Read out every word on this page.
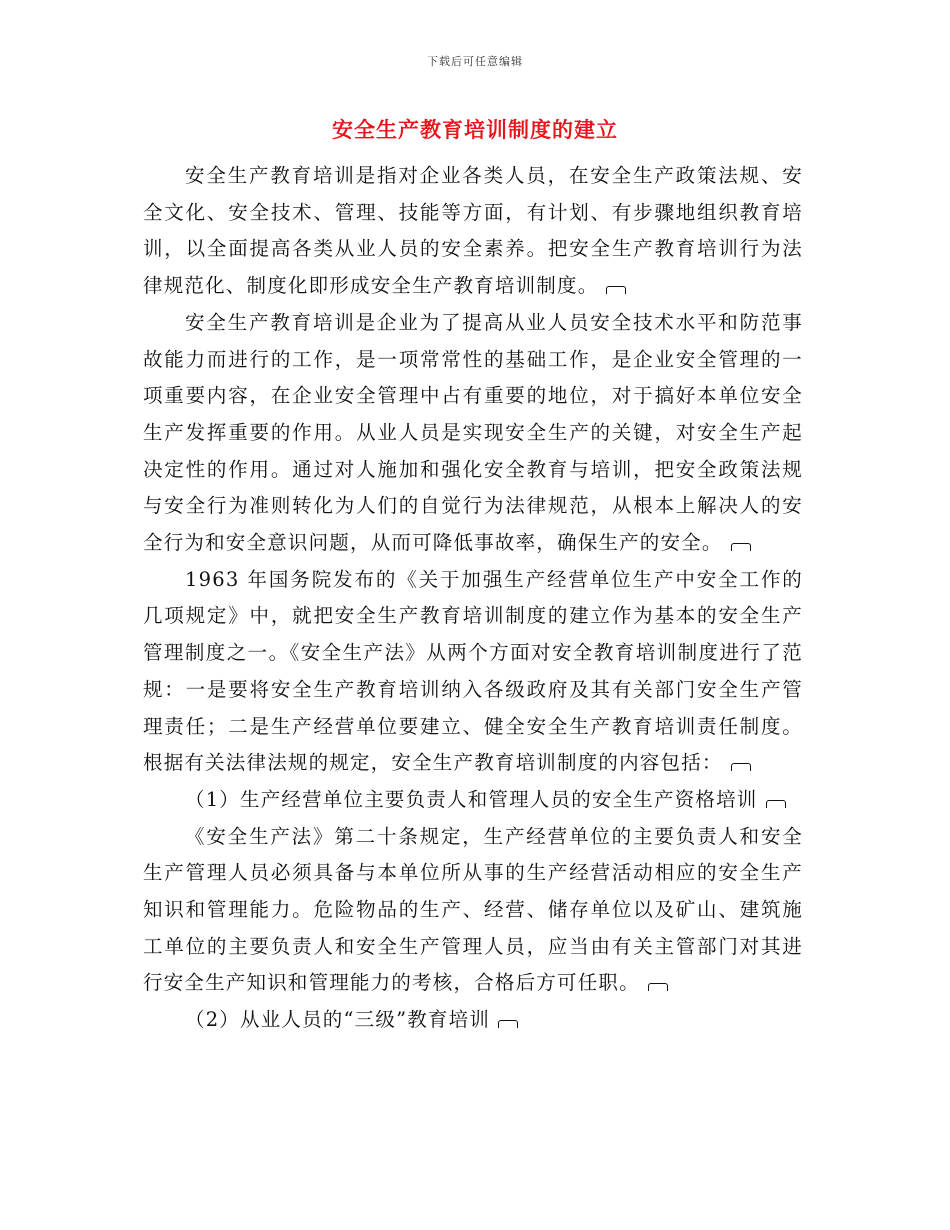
下载后可任意编辑
安全生产教育培训制度的建立

安全生产教育培训是指对企业各类人员，在安全生产政策法规、安全文化、安全技术、管理、技能等方面，有计划、有步骤地组织教育培训，以全面提高各类从业人员的安全素养。把安全生产教育培训行为法律规范化、制度化即形成安全生产教育培训制度。

安全生产教育培训是企业为了提高从业人员安全技术水平和防范事故能力而进行的工作，是一项常常性的基础工作，是企业安全管理的一项重要内容，在企业安全管理中占有重要的地位，对于搞好本单位安全生产发挥重要的作用。从业人员是实现安全生产的关键，对安全生产起决定性的作用。通过对人施加和强化安全教育与培训，把安全政策法规与安全行为准则转化为人们的自觉行为法律规范，从根本上解决人的安全行为和安全意识问题，从而可降低事故率，确保生产的安全。

1963 年国务院发布的《关于加强生产经营单位生产中安全工作的几项规定》中，就把安全生产教育培训制度的建立作为基本的安全生产管理制度之一。《安全生产法》从两个方面对安全教育培训制度进行了范规：一是要将安全生产教育培训纳入各级政府及其有关部门安全生产管理责任；二是生产经营单位要建立、健全安全生产教育培训责任制度。根据有关法律法规的规定，安全生产教育培训制度的内容包括：

（1）生产经营单位主要负责人和管理人员的安全生产资格培训

《安全生产法》第二十条规定，生产经营单位的主要负责人和安全生产管理人员必须具备与本单位所从事的生产经营活动相应的安全生产知识和管理能力。危险物品的生产、经营、储存单位以及矿山、建筑施工单位的主要负责人和安全生产管理人员，应当由有关主管部门对其进行安全生产知识和管理能力的考核，合格后方可任职。

（2）从业人员的“三级”教育培训
